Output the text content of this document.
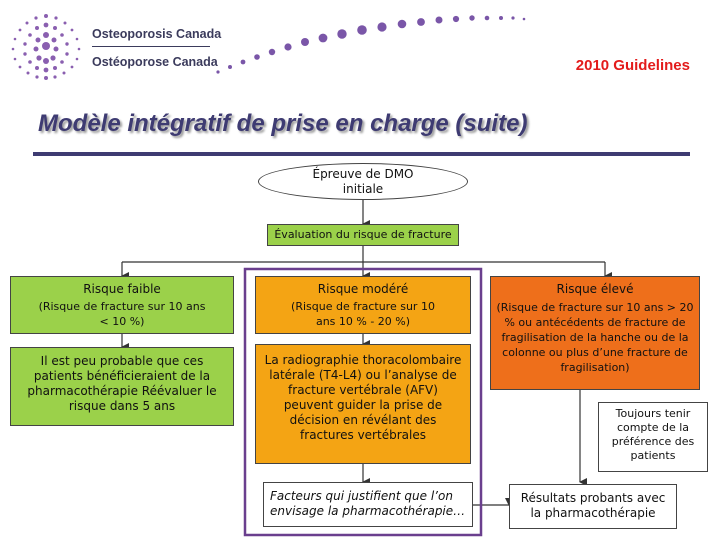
Osteoporosis Canada
Ostéoporose Canada	2010 Guidelines
Modèle intégratif de prise en charge (suite)
Épreuve de DMO initiale
Évaluation du risque de fracture
Risque faible
(Risque de fracture sur 10 ans < 10 %)
Il est peu probable que ces patients bénéficieraient de la pharmacothérapie Réévaluer le risque dans 5 ans
Risque modéré
(Risque de fracture sur 10 ans 10 % - 20 %)
La radiographie thoracolombaire latérale (T4-L4) ou l’analyse de fracture vertébrale (AFV) peuvent guider la prise de décision en révélant des fractures vertébrales
Facteurs qui justifient que l’on envisage la pharmacothérapie…
Risque élevé
(Risque de fracture sur 10 ans > 20 % ou antécédents de fracture de fragilisation de la hanche ou de la colonne ou plus d’une fracture de fragilisation)
Toujours tenir compte de la préférence des patients
Résultats probants avec la pharmacothérapie
